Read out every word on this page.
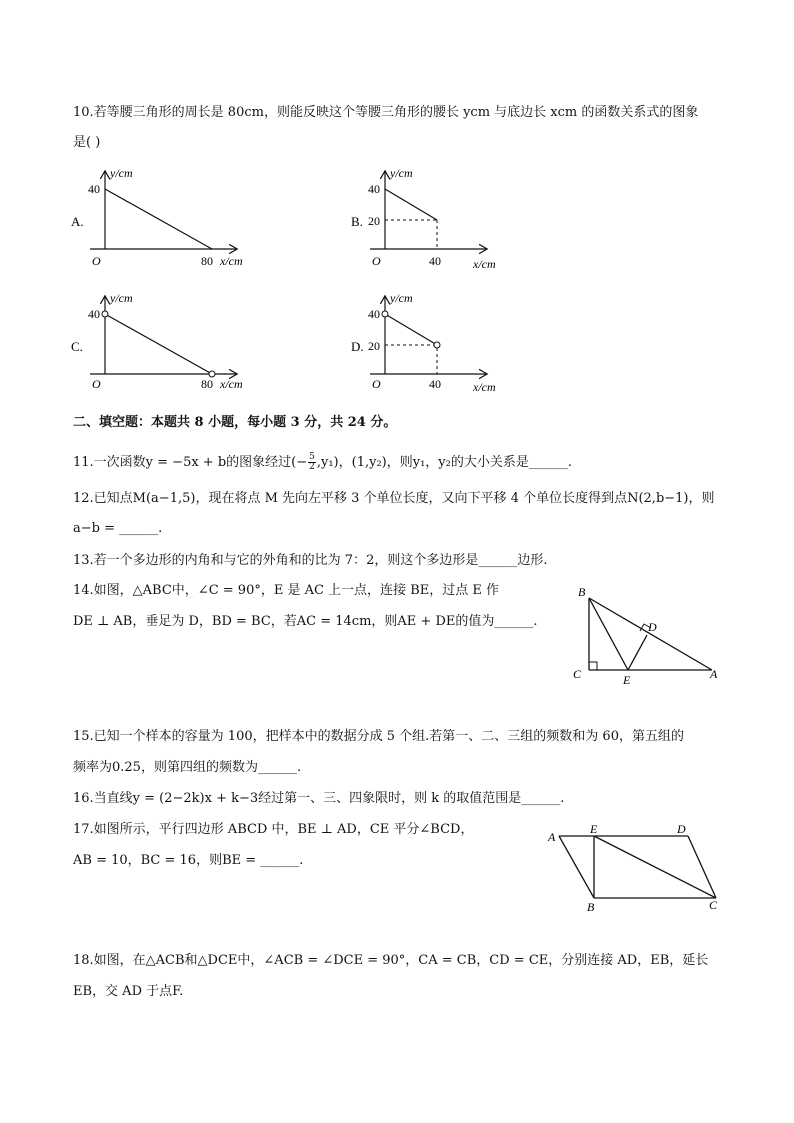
10.若等腰三角形的周长是 80cm，则能反映这个等腰三角形的腰长 ycm 与底边长 xcm 的函数关系式的图象
是( )
y/cm
40
A.
O	80 x/cm
y/cm
40
B. 20
O	40	x/cm
y/cm
40
C.
O	80 x/cm
y/cm
40
D. 20
O	40	x/cm
二、填空题：本题共 8 小题，每小题 3 分，共 24 分。
11.一次函数y = −5x + b的图象经过(− $\frac{5}{2} ,y_1$)，(1,y₂)，则y₁，y₂的大小关系是______.
12.已知点M(a−1,5)，现在将点 M 先向左平移 3 个单位长度，又向下平移 4 个单位长度得到点N(2,b−1)，则
a−b = ______.
13.若一个多边形的内角和与它的外角和的比为 7：2，则这个多边形是______边形.
14.如图，△ABC中，∠C = 90°，E 是 AC 上一点，连接 BE，过点 E 作
DE ⊥ AB，垂足为 D，BD = BC，若AC = 14cm，则AE + DE的值为______.
B
D
C	E	A
15.已知一个样本的容量为 100，把样本中的数据分成 5 个组.若第一、二、三组的频数和为 60，第五组的
频率为0.25，则第四组的频数为______.
16.当直线y = (2−2k)x + k−3经过第一、三、四象限时，则 k 的取值范围是______.
17.如图所示，平行四边形 ABCD 中，BE ⊥ AD，CE 平分∠BCD，
AB = 10，BC = 16，则BE = ______.
A
E	D
B	C
18.如图，在△ACB和△DCE中，∠ACB = ∠DCE = 90°，CA = CB，CD = CE，分别连接 AD，EB，延长
EB，交 AD 于点F.
